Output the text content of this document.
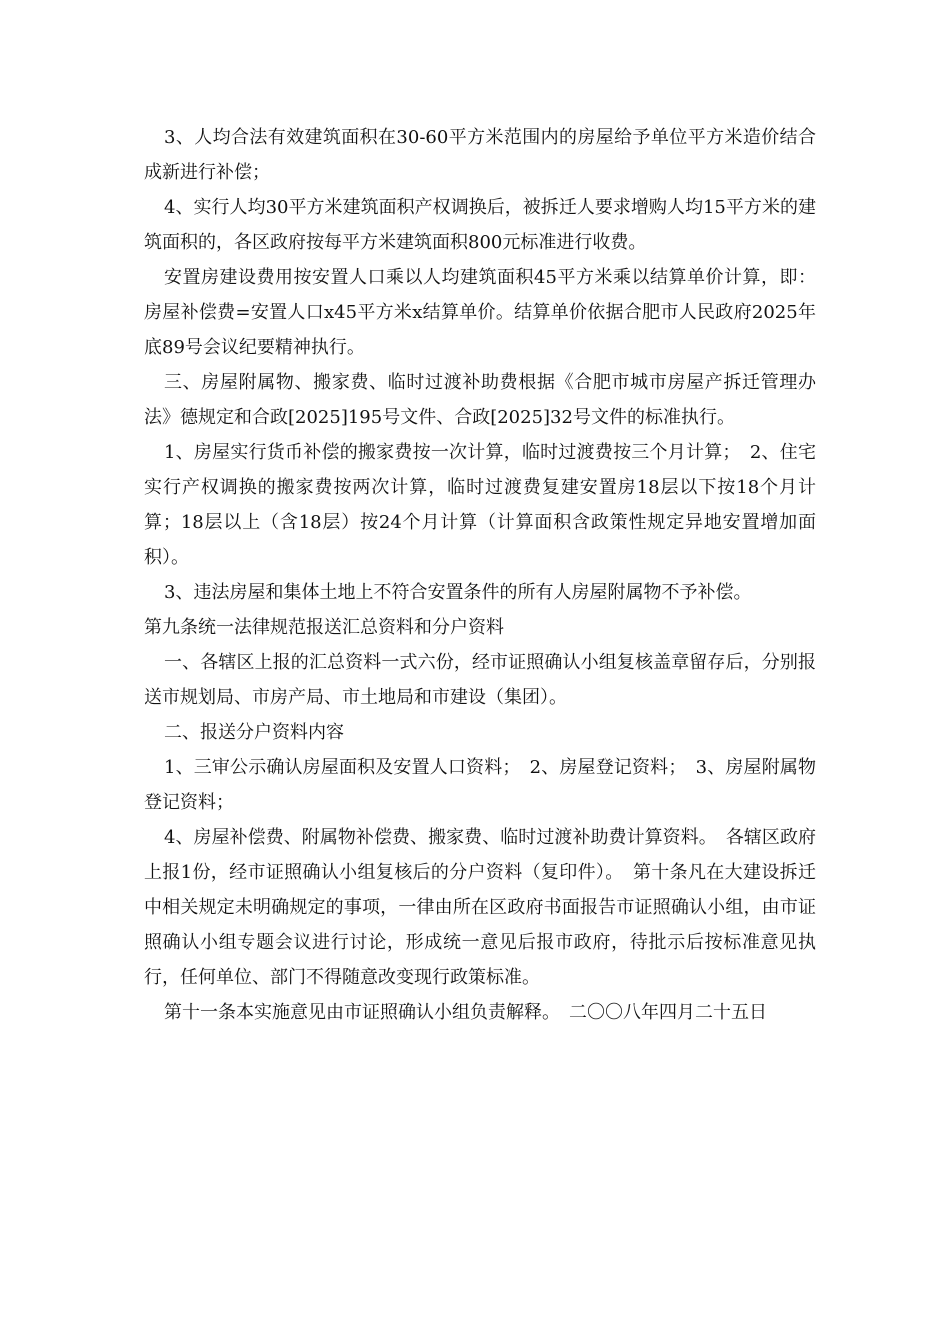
3、人均合法有效建筑面积在30-60平方米范围内的房屋给予单位平方米造价结合成新进行补偿；

4、实行人均30平方米建筑面积产权调换后，被拆迁人要求增购人均15平方米的建筑面积的，各区政府按每平方米建筑面积800元标准进行收费。

安置房建设费用按安置人口乘以人均建筑面积45平方米乘以结算单价计算，即：房屋补偿费=安置人口x45平方米x结算单价。结算单价依据合肥市人民政府2025年底89号会议纪要精神执行。

三、房屋附属物、搬家费、临时过渡补助费根据《合肥市城市房屋产拆迁管理办法》德规定和合政[2025]195号文件、合政[2025]32号文件的标准执行。

1、房屋实行货币补偿的搬家费按一次计算，临时过渡费按三个月计算；　2、住宅实行产权调换的搬家费按两次计算，临时过渡费复建安置房18层以下按18个月计算；18层以上（含18层）按24个月计算（计算面积含政策性规定异地安置增加面积）。

3、违法房屋和集体土地上不符合安置条件的所有人房屋附属物不予补偿。

第九条统一法律规范报送汇总资料和分户资料

一、各辖区上报的汇总资料一式六份，经市证照确认小组复核盖章留存后，分别报送市规划局、市房产局、市土地局和市建设（集团）。

二、报送分户资料内容

1、三审公示确认房屋面积及安置人口资料；　2、房屋登记资料；　3、房屋附属物登记资料；

4、房屋补偿费、附属物补偿费、搬家费、临时过渡补助费计算资料。　各辖区政府上报1份，经市证照确认小组复核后的分户资料（复印件）。　第十条凡在大建设拆迁中相关规定未明确规定的事项，一律由所在区政府书面报告市证照确认小组，由市证照确认小组专题会议进行讨论，形成统一意见后报市政府，待批示后按标准意见执行，任何单位、部门不得随意改变现行政策标准。

第十一条本实施意见由市证照确认小组负责解释。　二〇〇八年四月二十五日
